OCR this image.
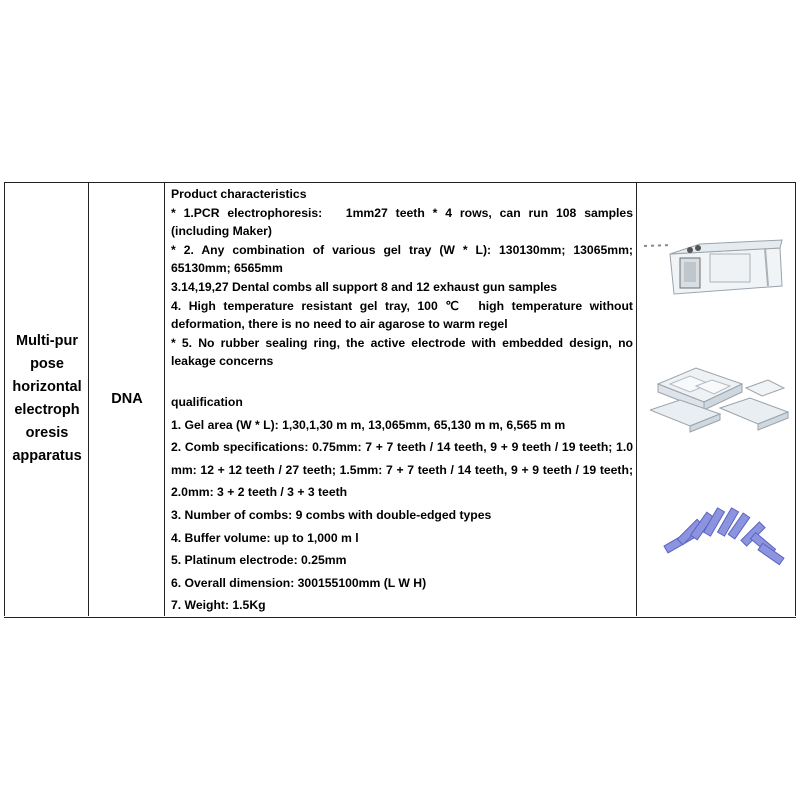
Multi-pur
pose
horizontal
electroph
oresis
apparatus
DNA

Product characteristics

* 1.PCR electrophoresis:   1mm27 teeth * 4 rows, can run 108 samples (including Maker)

* 2. Any combination of various gel tray (W * L): 130130mm; 13065mm; 65130mm; 6565mm

3.14,19,27 Dental combs all support 8 and 12 exhaust gun samples

4. High temperature resistant gel tray, 100 ℃  high temperature without deformation, there is no need to air agarose to warm regel

* 5. No rubber sealing ring, the active electrode with embedded design, no leakage concerns

qualification

1. Gel area (W * L): 1,30,1,30 m m, 13,065mm, 65,130 m m, 6,565 m m

2. Comb specifications: 0.75mm: 7 + 7 teeth / 14 teeth, 9 + 9 teeth / 19 teeth; 1.0 mm: 12 + 12 teeth / 27 teeth; 1.5mm: 7 + 7 teeth / 14 teeth, 9 + 9 teeth / 19 teeth; 2.0mm: 3 + 2 teeth / 3 + 3 teeth

3. Number of combs: 9 combs with double-edged types

4. Buffer volume: up to 1,000 m l

5. Platinum electrode: 0.25mm

6. Overall dimension: 300155100mm (L W H)

7. Weight: 1.5Kg
